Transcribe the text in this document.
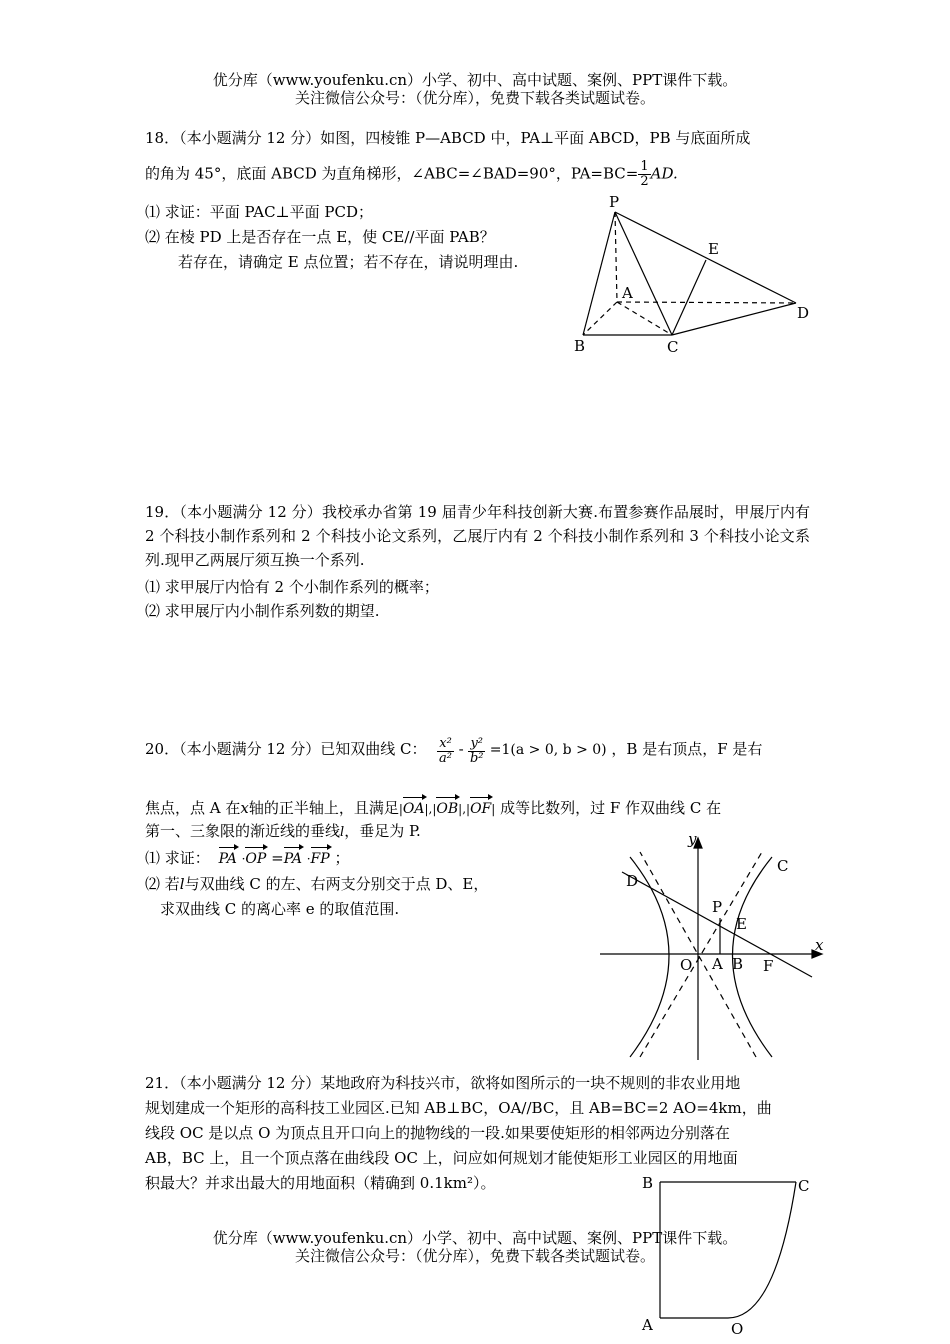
优分库（www.youfenku.cn）小学、初中、高中试题、案例、PPT课件下载。
关注微信公众号：（优分库），免费下载各类试题试卷。
18．（本小题满分 12 分）如图，四棱锥 P—ABCD 中，PA⊥平面 ABCD，PB 与底面所成
的角为 45°，底面 ABCD 为直角梯形，∠ABC=∠BAD=90°，$PA=BC= \frac{1}{2}$ AD.
⑴ 求证：平面 PAC⊥平面 PCD；
⑵ 在棱 PD 上是否存在一点 E，使 CE//平面 PAB？
若存在，请确定 E 点位置；若不存在，请说明理由.
P
E
A
D
B	C
19．（本小题满分 12 分）我校承办省第 19 届青少年科技创新大赛.布置参赛作品展时，甲展厅内有 2 个科技小制作系列和 2 个科技小论文系列，乙展厅内有 2 个科技小制作系列和 3 个科技小论文系列.现甲乙两展厅须互换一个系列.
⑴ 求甲展厅内恰有 2 个小制作系列的概率；
⑵ 求甲展厅内小制作系列数的期望.
20．（本小题满分 12 分）已知双曲线 C： $\frac{\text{x²}}{\text{a²}} - \frac{\text{y²}}{\text{b²}} =1(a > 0$, b > 0) ，B 是右顶点，F 是右
焦点，点 A 在x轴的正半轴上，且满足|OA|,|OB|,|OF| 成等比数列，过 F 作双曲线 C 在
第一、三象限的渐近线的垂线l，垂足为 P.
⑴ 求证： PA ·OP =PA ·FP ；
⑵ 若l与双曲线 C 的左、右两支分别交于点 D、E，
求双曲线 C 的离心率 e 的取值范围.
y
x
C
D
P
E
O A B F
21．（本小题满分 12 分）某地政府为科技兴市，欲将如图所示的一块不规则的非农业用地
规划建成一个矩形的高科技工业园区.已知 AB⊥BC，OA//BC，且 AB=BC=2 AO=4km，曲
线段 OC 是以点 O 为顶点且开口向上的抛物线的一段.如果要使矩形的相邻两边分别落在
AB，BC 上，且一个顶点落在曲线段 OC 上，问应如何规划才能使矩形工业园区的用地面
积最大？并求出最大的用地面积（精确到 0.1km²）。	B	C
A	O
优分库（www.youfenku.cn）小学、初中、高中试题、案例、PPT课件下载。
关注微信公众号：（优分库），免费下载各类试题试卷。
